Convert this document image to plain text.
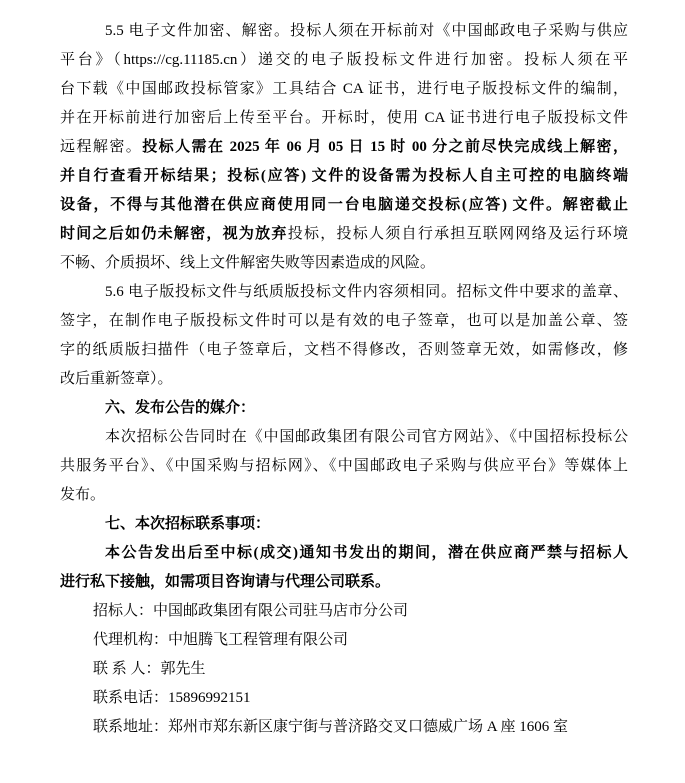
5.5 电子文件加密、解密。投标人须在开标前对《中国邮政电子采购与供应
平台》（https://cg.11185.cn）递交的电子版投标文件进行加密。投标人须在平
台下载《中国邮政投标管家》工具结合 CA 证书，进行电子版投标文件的编制，
并在开标前进行加密后上传至平台。开标时，使用 CA 证书进行电子版投标文件
远程解密。投标人需在 2025 年 06 月 05 日 15 时 00 分之前尽快完成线上解密，
并自行查看开标结果；投标(应答) 文件的设备需为投标人自主可控的电脑终端
设备，不得与其他潜在供应商使用同一台电脑递交投标(应答) 文件。解密截止
时间之后如仍未解密，视为放弃投标，投标人须自行承担互联网网络及运行环境
不畅、介质损坏、线上文件解密失败等因素造成的风险。
5.6 电子版投标文件与纸质版投标文件内容须相同。招标文件中要求的盖章、
签字，在制作电子版投标文件时可以是有效的电子签章，也可以是加盖公章、签
字的纸质版扫描件（电子签章后，文档不得修改，否则签章无效，如需修改，修
改后重新签章）。
六、发布公告的媒介：
本次招标公告同时在《中国邮政集团有限公司官方网站》、《中国招标投标公
共服务平台》、《中国采购与招标网》、《中国邮政电子采购与供应平台》等媒体上
发布。
七、本次招标联系事项：
本公告发出后至中标(成交)通知书发出的期间，潜在供应商严禁与招标人
进行私下接触，如需项目咨询请与代理公司联系。
招标人：中国邮政集团有限公司驻马店市分公司
代理机构：中旭腾飞工程管理有限公司
联 系 人：郭先生
联系电话：15896992151
联系地址：郑州市郑东新区康宁街与普济路交叉口德威广场 A 座 1606 室
